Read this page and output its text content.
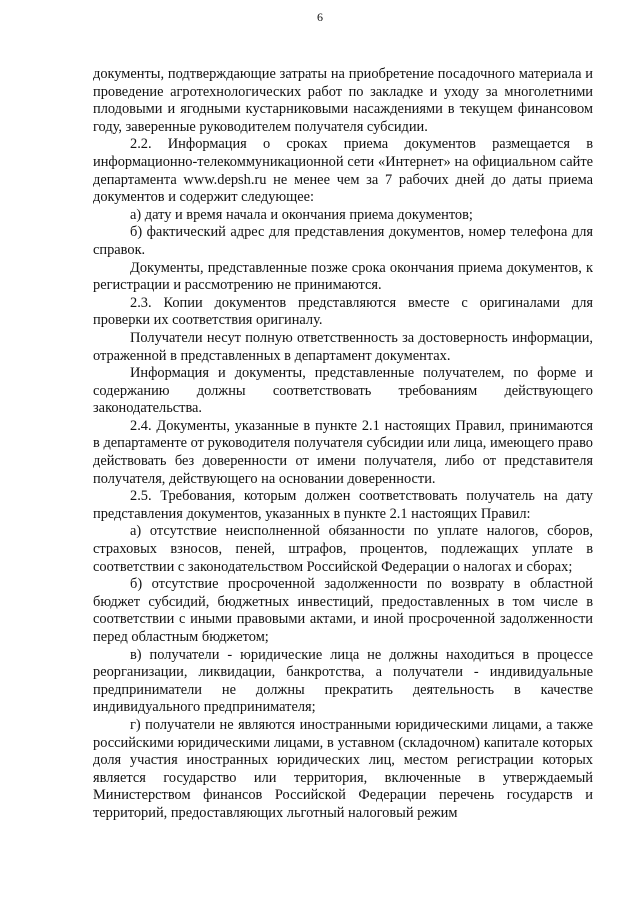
6

документы, подтверждающие затраты на приобретение посадочного материала и проведение агротехнологических работ по закладке и уходу за многолетними плодовыми и ягодными кустарниковыми насаждениями в текущем финансовом году, заверенные руководителем получателя субсидии.

2.2. Информация о сроках приема документов размещается в информационно-телекоммуникационной сети «Интернет» на официальном сайте департамента www.depsh.ru не менее чем за 7 рабочих дней до даты приема документов и содержит следующее:

а) дату и время начала и окончания приема документов;

б) фактический адрес для представления документов, номер телефона для справок.

Документы, представленные позже срока окончания приема документов, к регистрации и рассмотрению не принимаются.

2.3. Копии документов представляются вместе с оригиналами для проверки их соответствия оригиналу.

Получатели несут полную ответственность за достоверность информации, отраженной в представленных в департамент документах.

Информация и документы, представленные получателем, по форме и содержанию должны соответствовать требованиям действующего законодательства.

2.4. Документы, указанные в пункте 2.1 настоящих Правил, принимаются в департаменте от руководителя получателя субсидии или лица, имеющего право действовать без доверенности от имени получателя, либо от представителя получателя, действующего на основании доверенности.

2.5. Требования, которым должен соответствовать получатель на дату представления документов, указанных в пункте 2.1 настоящих Правил:

а) отсутствие неисполненной обязанности по уплате налогов, сборов, страховых взносов, пеней, штрафов, процентов, подлежащих уплате в соответствии с законодательством Российской Федерации о налогах и сборах;

б) отсутствие просроченной задолженности по возврату в областной бюджет субсидий, бюджетных инвестиций, предоставленных в том числе в соответствии с иными правовыми актами, и иной просроченной задолженности перед областным бюджетом;

в) получатели - юридические лица не должны находиться в процессе реорганизации, ликвидации, банкротства, а получатели - индивидуальные предприниматели не должны прекратить деятельность в качестве индивидуального предпринимателя;

г) получатели не являются иностранными юридическими лицами, а также российскими юридическими лицами, в уставном (складочном) капитале которых доля участия иностранных юридических лиц, местом регистрации которых является государство или территория, включенные в утверждаемый Министерством финансов Российской Федерации перечень государств и территорий, предоставляющих льготный налоговый режим
